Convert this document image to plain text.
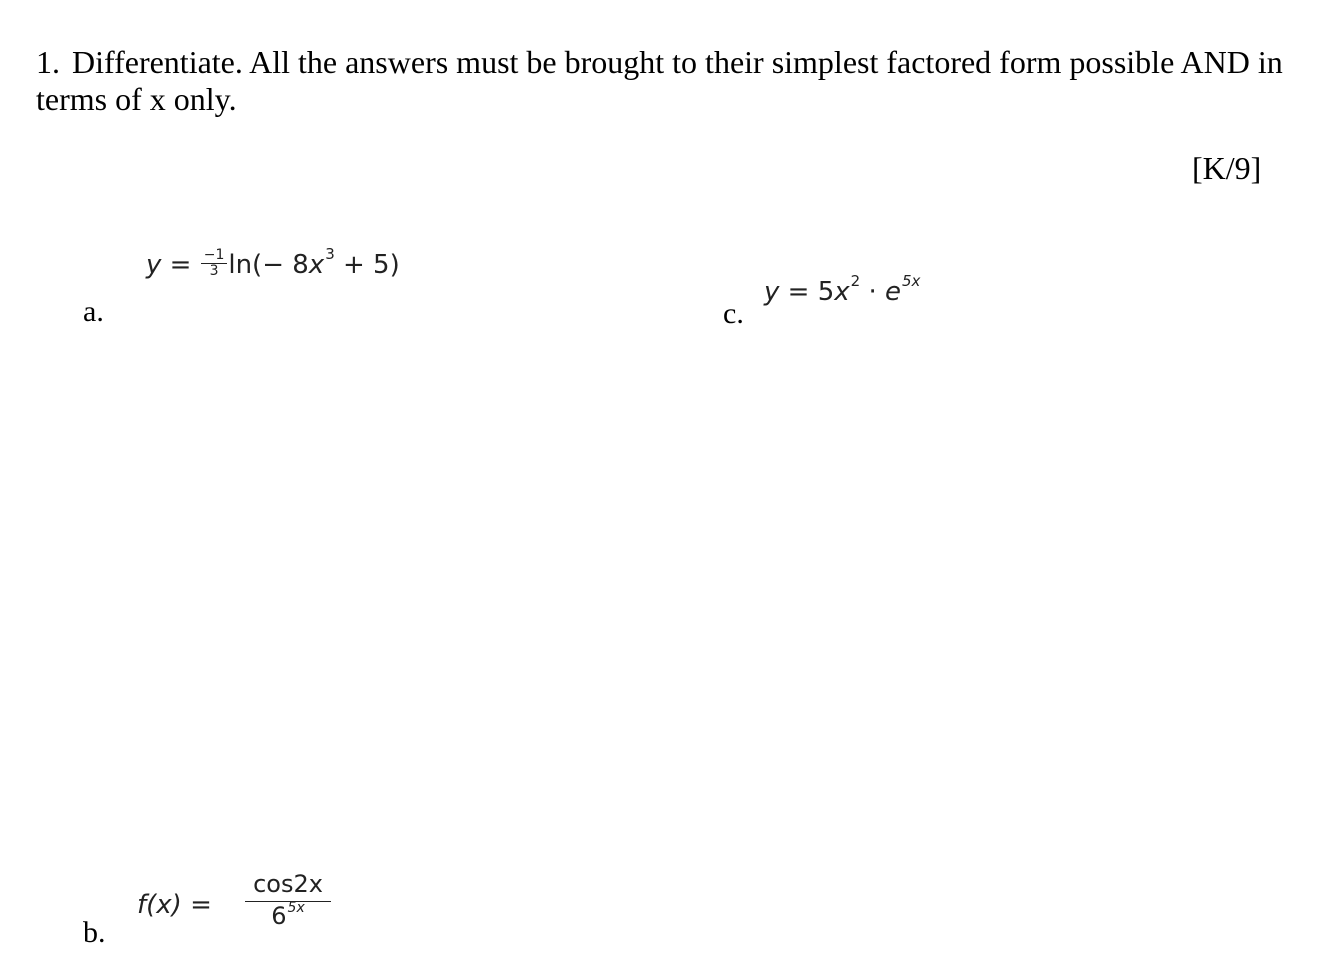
1. Differentiate. All the answers must be brought to their simplest factored form possible AND in terms of x only.
[K/9]
a.
$y = \frac{-1}{3} \ln(- 8x^3 + 5)$
c.
$y = 5x^2 \cdot e^{5x}$
b.
$f(x) = \frac{\cos 2x}{6^{5x}}$
